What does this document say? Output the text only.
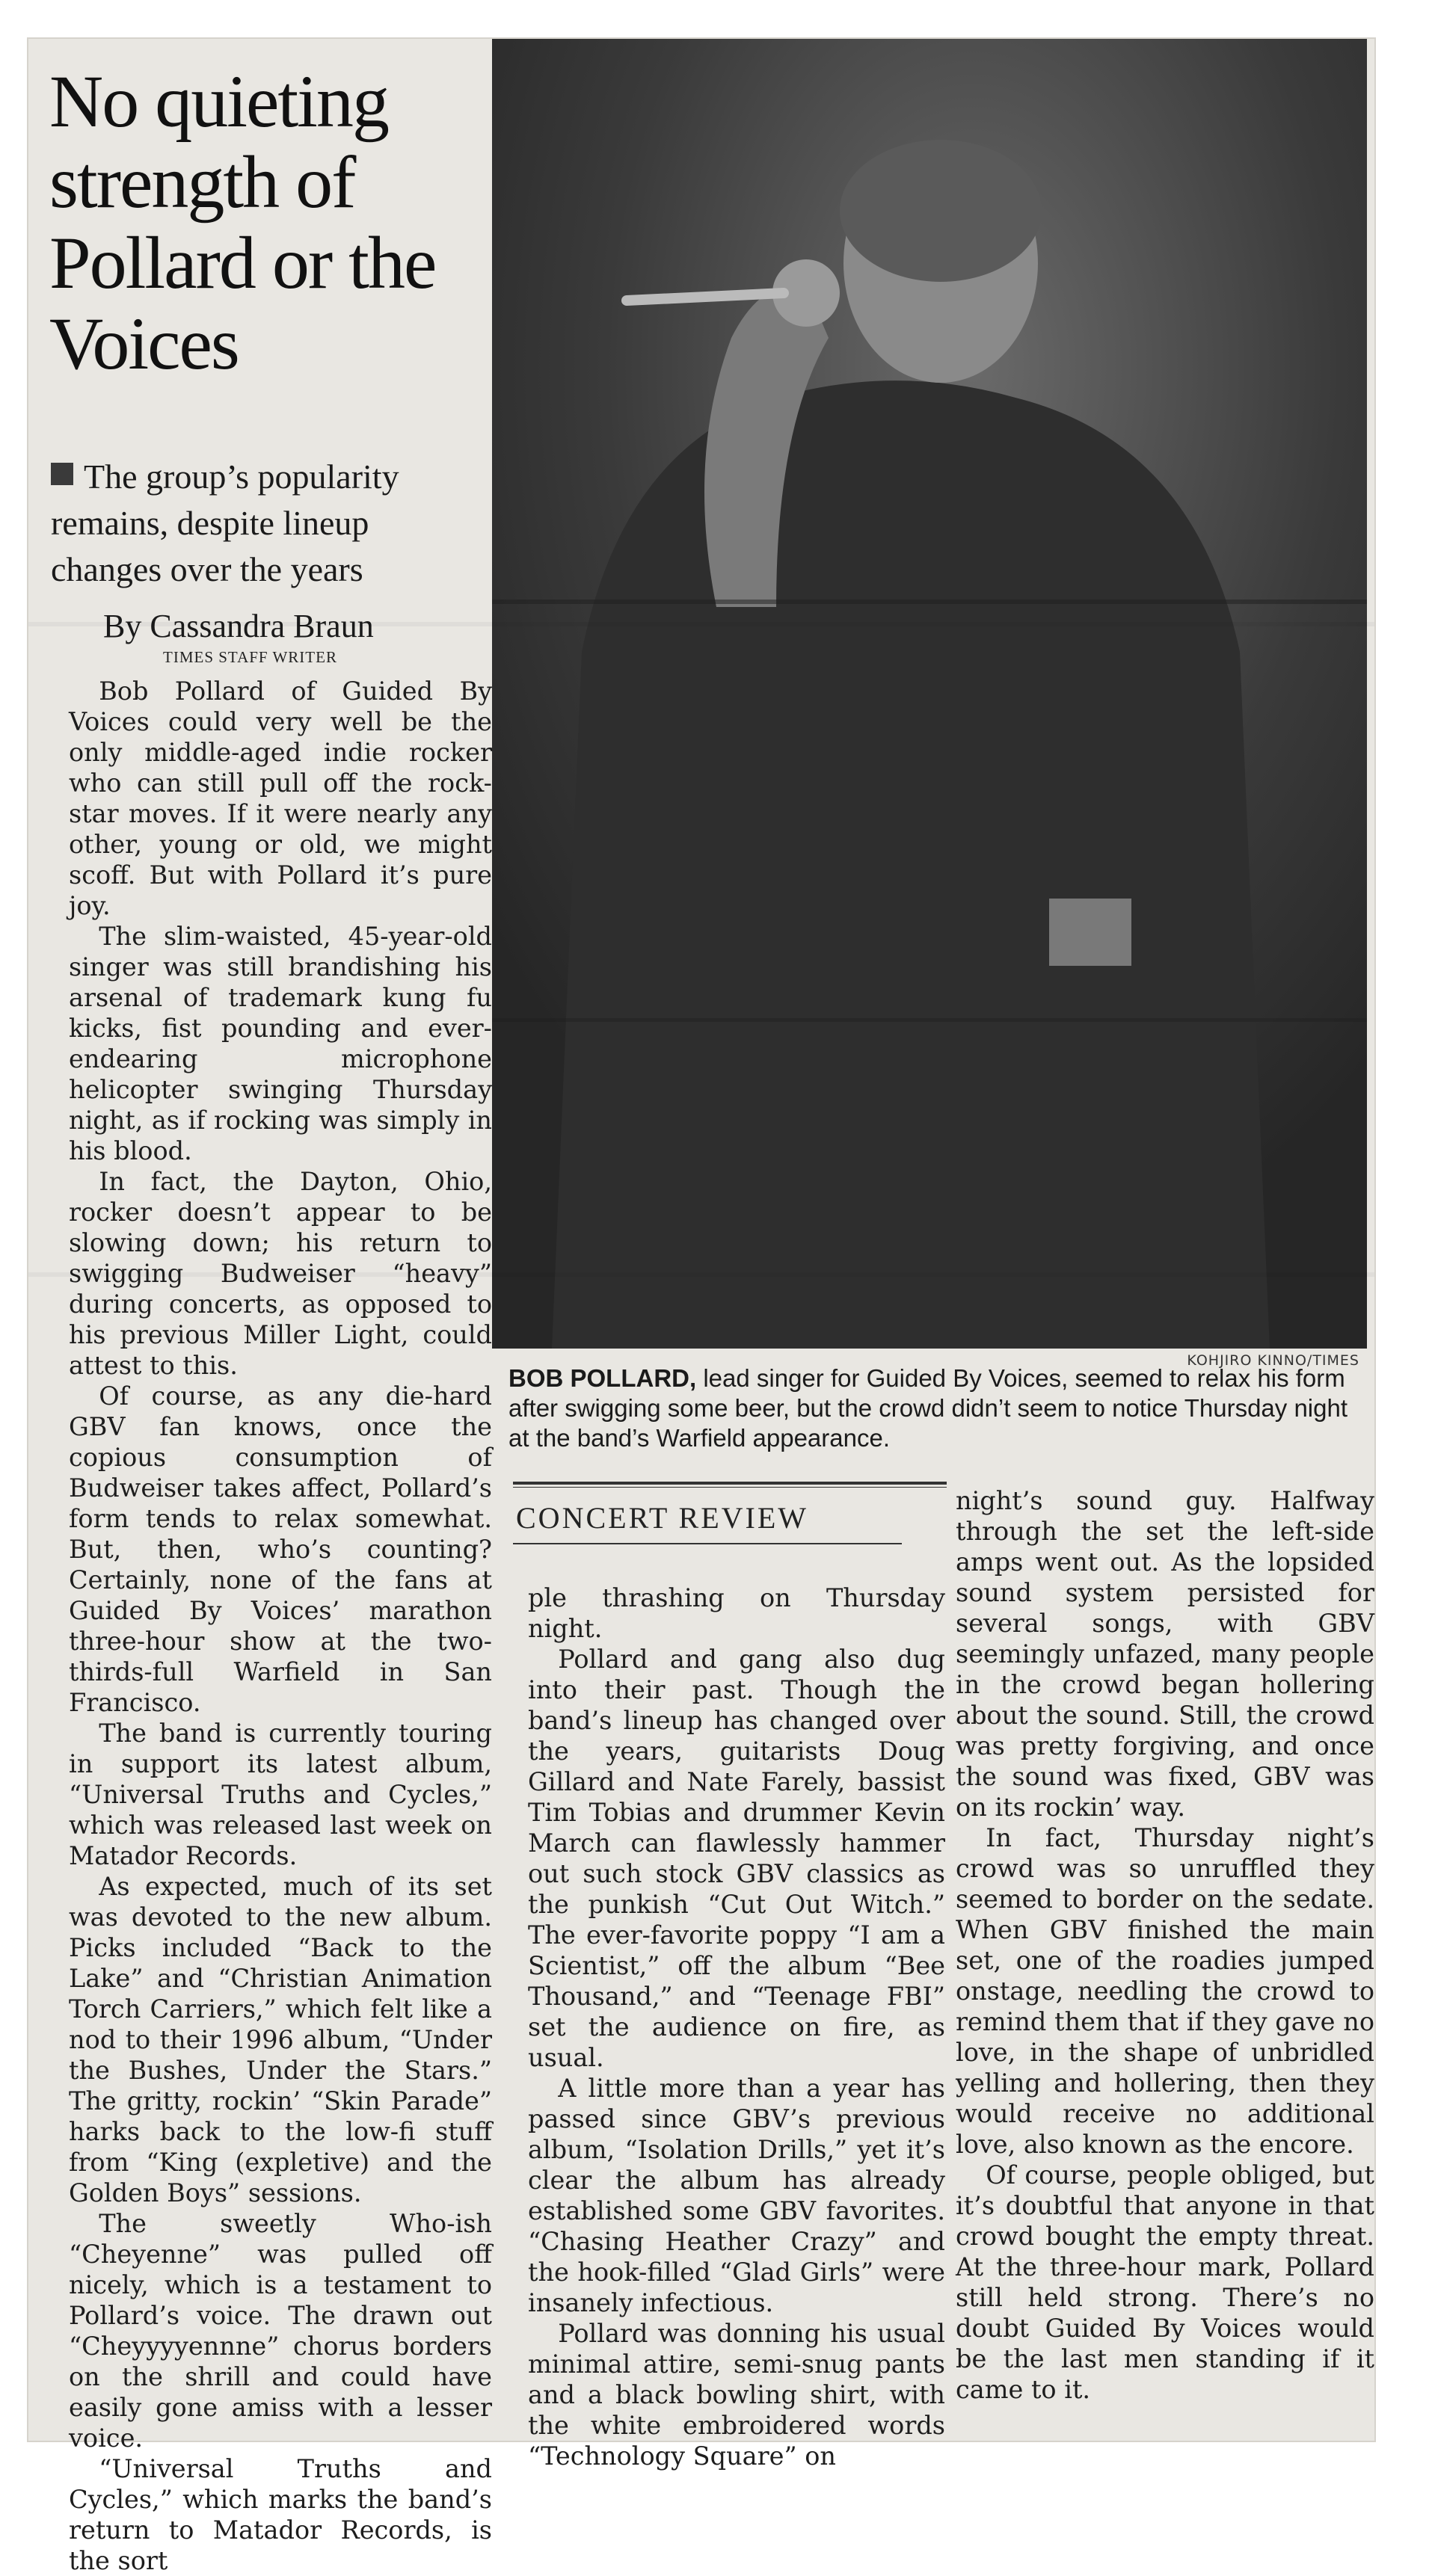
No quieting strength of Pollard or the Voices
The group’s popularity remains, despite lineup changes over the years
By Cassandra Braun
TIMES STAFF WRITER

Bob Pollard of Guided By Voices could very well be the only middle-aged indie rocker who can still pull off the rock-star moves. If it were nearly any other, young or old, we might scoff. But with Pollard it’s pure joy.

The slim-waisted, 45-year-old singer was still brandishing his arsenal of trademark kung fu kicks, fist pounding and ever-endearing microphone helicopter swinging Thursday night, as if rocking was simply in his blood.

In fact, the Dayton, Ohio, rocker doesn’t appear to be slowing down; his return to swigging Budweiser “heavy” during concerts, as opposed to his previous Miller Light, could attest to this.

Of course, as any die-hard GBV fan knows, once the copious consumption of Budweiser takes affect, Pollard’s form tends to relax somewhat. But, then, who’s counting? Certainly, none of the fans at Guided By Voices’ marathon three-hour show at the two-thirds-full Warfield in San Francisco.

The band is currently touring in support its latest album, “Universal Truths and Cycles,” which was released last week on Matador Records.

As expected, much of its set was devoted to the new album. Picks included “Back to the Lake” and “Christian Animation Torch Carriers,” which felt like a nod to their 1996 album, “Under the Bushes, Under the Stars.” The gritty, rockin’ “Skin Parade” harks back to the low-fi stuff from “King (expletive) and the Golden Boys” sessions.

The sweetly Who-ish “Cheyenne” was pulled off nicely, which is a testament to Pollard’s voice. The drawn out “Cheyyyyennne” chorus borders on the shrill and could have easily gone amiss with a lesser voice.

“Universal Truths and Cycles,” which marks the band’s return to Matador Records, is the sort

KOHJIRO KINNO/TIMES
BOB POLLARD, lead singer for Guided By Voices, seemed to relax his form after swigging some beer, but the crowd didn’t seem to notice Thursday night at the band’s Warfield appearance.
CONCERT REVIEW

ple thrashing on Thursday night.

Pollard and gang also dug into their past. Though the band’s lineup has changed over the years, guitarists Doug Gillard and Nate Farely, bassist Tim Tobias and drummer Kevin March can flawlessly hammer out such stock GBV classics as the punkish “Cut Out Witch.” The ever-favorite poppy “I am a Scientist,” off the album “Bee Thousand,” and “Teenage FBI” set the audience on fire, as usual.

A little more than a year has passed since GBV’s previous album, “Isolation Drills,” yet it’s clear the album has already established some GBV favorites. “Chasing Heather Crazy” and the hook-filled “Glad Girls” were insanely infectious.

Pollard was donning his usual minimal attire, semi-snug pants and a black bowling shirt, with the white embroidered words “Technology Square” on

night’s sound guy. Halfway through the set the left-side amps went out. As the lopsided sound system persisted for several songs, with GBV seemingly unfazed, many people in the crowd began hollering about the sound. Still, the crowd was pretty forgiving, and once the sound was fixed, GBV was on its rockin’ way.

In fact, Thursday night’s crowd was so unruffled they seemed to border on the sedate. When GBV finished the main set, one of the roadies jumped onstage, needling the crowd to remind them that if they gave no love, in the shape of unbridled yelling and hollering, then they would receive no additional love, also known as the encore.

Of course, people obliged, but it’s doubtful that anyone in that crowd bought the empty threat. At the three-hour mark, Pollard still held strong. There’s no doubt Guided By Voices would be the last men standing if it came to it.
